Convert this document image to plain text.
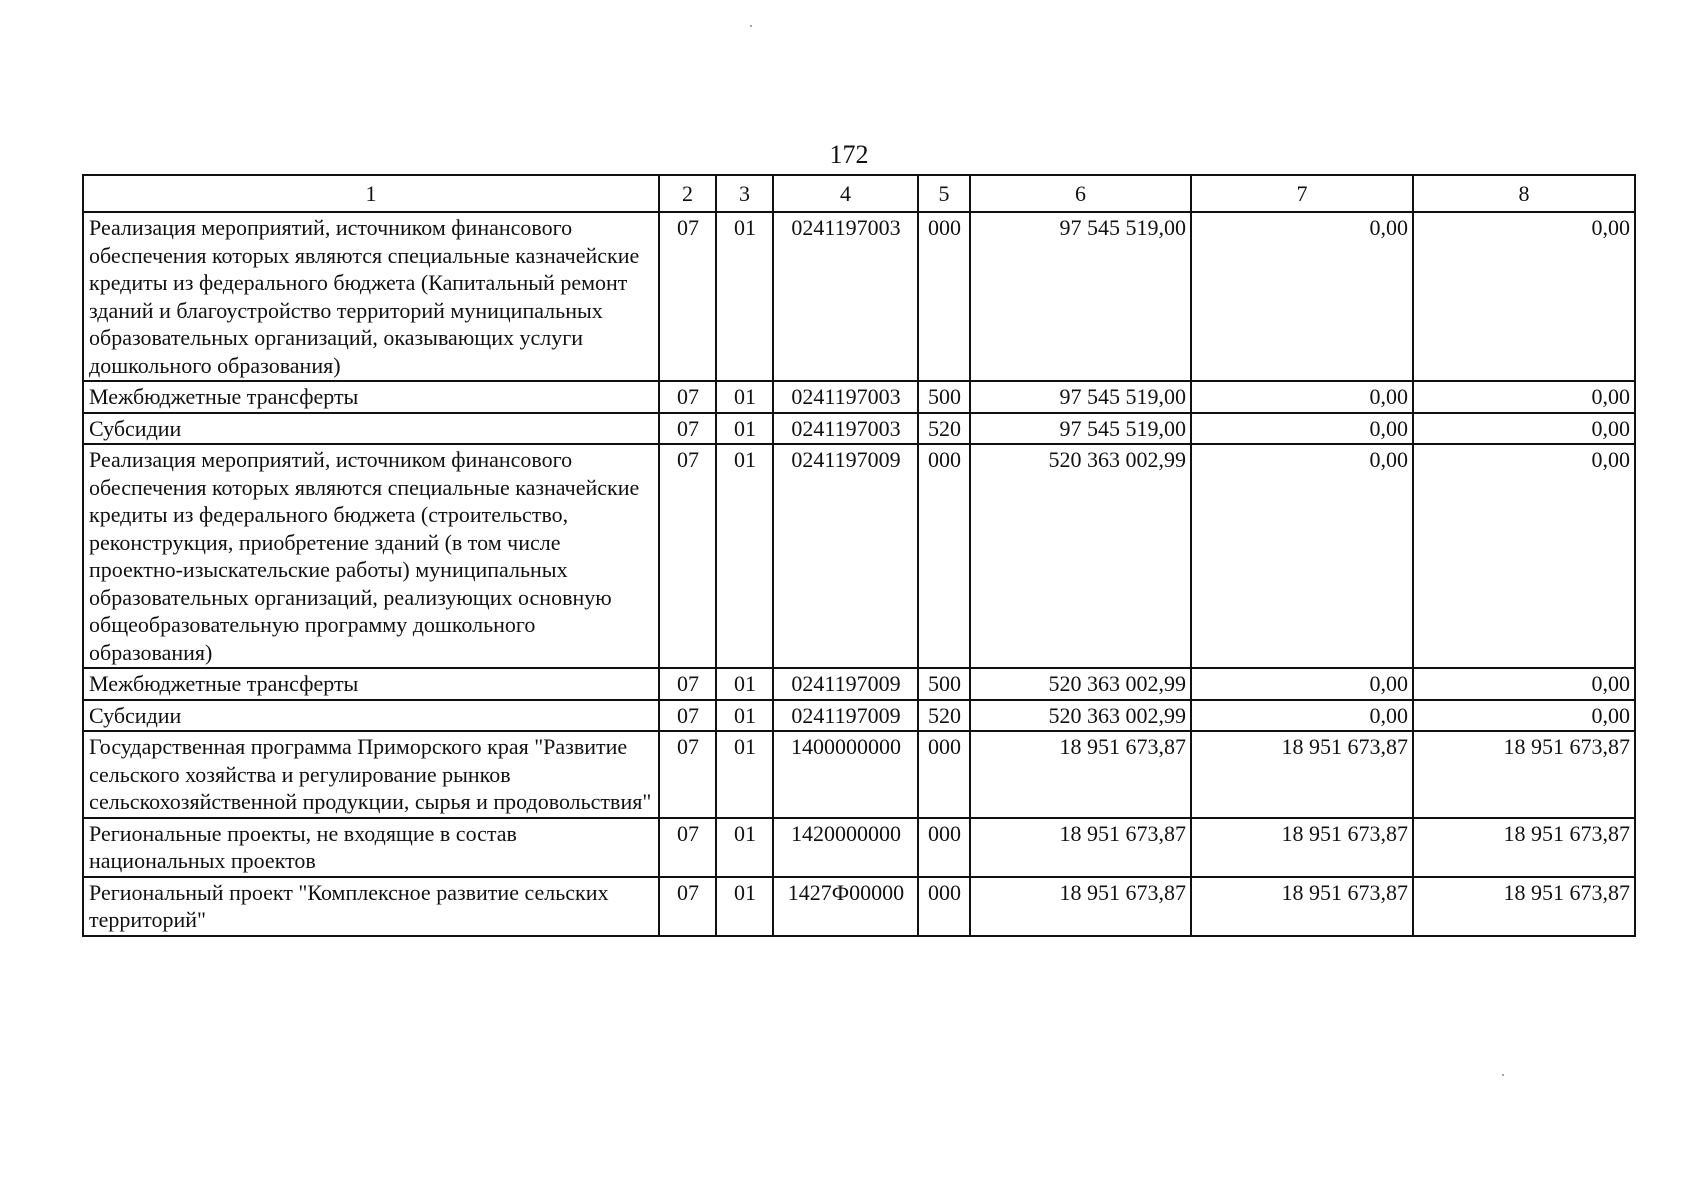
172
1	2	3	4	5	6	7	8
Реализация мероприятий, источником финансового обеспечения которых являются специальные казначейские кредиты из федерального бюджета (Капитальный ремонт зданий и благоустройство территорий муниципальных образовательных организаций, оказывающих услуги дошкольного образования)	07	01	0241197003	000	97 545 519,00	0,00	0,00
Межбюджетные трансферты	07	01	0241197003	500	97 545 519,00	0,00	0,00
Субсидии	07	01	0241197003	520	97 545 519,00	0,00	0,00
Реализация мероприятий, источником финансового обеспечения которых являются специальные казначейские кредиты из федерального бюджета (строительство, реконструкция, приобретение зданий (в том числе проектно-изыскательские работы) муниципальных образовательных организаций, реализующих основную общеобразовательную программу дошкольного образования)	07	01	0241197009	000	520 363 002,99	0,00	0,00
Межбюджетные трансферты	07	01	0241197009	500	520 363 002,99	0,00	0,00
Субсидии	07	01	0241197009	520	520 363 002,99	0,00	0,00
Государственная программа Приморского края "Развитие сельского хозяйства и регулирование рынков сельскохозяйственной продукции, сырья и продовольствия"	07	01	1400000000	000	18 951 673,87	18 951 673,87	18 951 673,87
Региональные проекты, не входящие в состав национальных проектов	07	01	1420000000	000	18 951 673,87	18 951 673,87	18 951 673,87
Региональный проект "Комплексное развитие сельских территорий"	07	01	1427Ф00000	000	18 951 673,87	18 951 673,87	18 951 673,87
